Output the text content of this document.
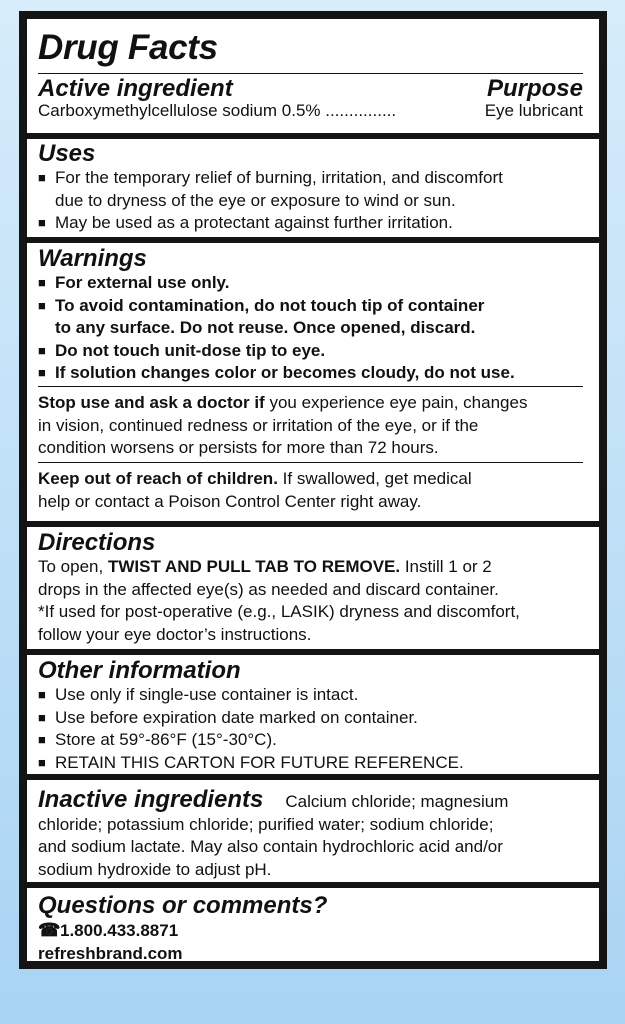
Drug Facts
Active ingredient	Purpose
Carboxymethylcellulose sodium 0.5% ...............	Eye lubricant
Uses
■ For the temporary relief of burning, irritation, and discomfort
due to dryness of the eye or exposure to wind or sun.
■ May be used as a protectant against further irritation.
Warnings
■ For external use only.
■ To avoid contamination, do not touch tip of container
to any surface. Do not reuse. Once opened, discard.
■ Do not touch unit-dose tip to eye.
■ If solution changes color or becomes cloudy, do not use.
Stop use and ask a doctor if you experience eye pain, changes
in vision, continued redness or irritation of the eye, or if the
condition worsens or persists for more than 72 hours.
Keep out of reach of children. If swallowed, get medical
help or contact a Poison Control Center right away.
Directions
To open, TWIST AND PULL TAB TO REMOVE. Instill 1 or 2
drops in the affected eye(s) as needed and discard container.
*If used for post-operative (e.g., LASIK) dryness and discomfort,
follow your eye doctor’s instructions.
Other information
■ Use only if single-use container is intact.
■ Use before expiration date marked on container.
■ Store at 59°-86°F (15°-30°C).
■ RETAIN THIS CARTON FOR FUTURE REFERENCE.
Inactive ingredients Calcium chloride; magnesium
chloride; potassium chloride; purified water; sodium chloride;
and sodium lactate. May also contain hydrochloric acid and/or
sodium hydroxide to adjust pH.
Questions or comments?
☎1.800.433.8871
refreshbrand.com
